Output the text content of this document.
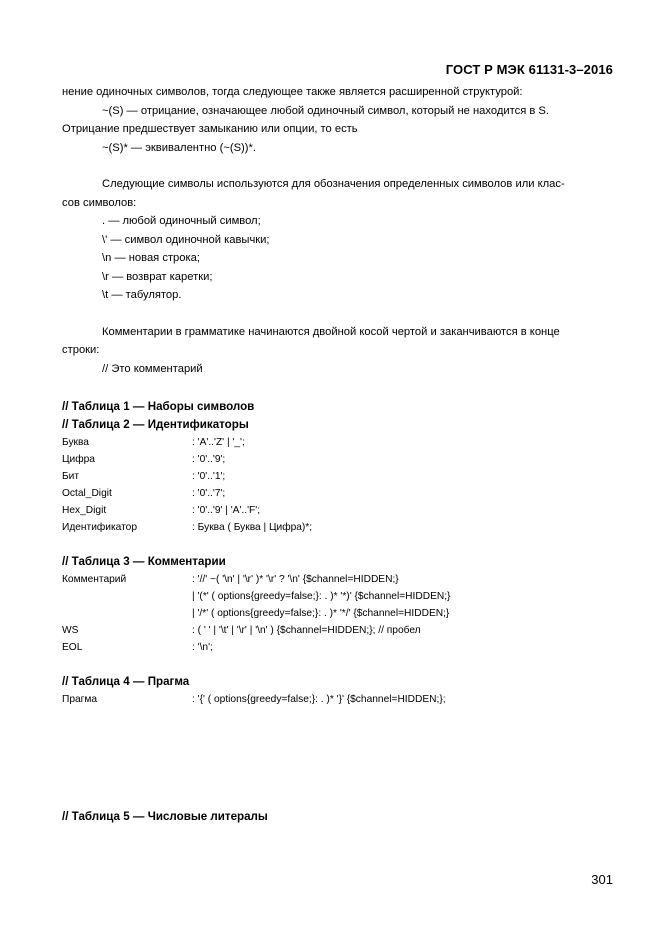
ГОСТ Р МЭК 61131-3–2016

нение одиночных символов, тогда следующее также является расширенной структурой:

~(S) — отрицание, означающее любой одиночный символ, который не находится в S.

Отрицание предшествует замыканию или опции, то есть

~(S)* — эквивалентно (~(S))*.

Следующие символы используются для обозначения определенных символов или клас-

сов символов:

. — любой одиночный символ;

\' — символ одиночной кавычки;

\n — новая строка;

\r — возврат каретки;

\t — табулятор.

Комментарии в грамматике начинаются двойной косой чертой и заканчиваются в конце

строки:

// Это комментарий

// Таблица 1 — Наборы символов
// Таблица 2 — Идентификаторы
Буква	: 'A'..'Z' | '_';
Цифра	: '0'..'9';
Бит	: '0'..'1';
Octal_Digit	: '0'..'7';
Hex_Digit	: '0'..'9' | 'A'..'F';
Идентификатор	: Буква ( Буква | Цифра)*;
// Таблица 3 — Комментарии
Комментарий	: '//' ~( '\n' | '\r' )* '\r' ? '\n' {$channel=HIDDEN;}
| '(*' ( options{greedy=false;}: . )* '*)' {$channel=HIDDEN;}
| '/*' ( options{greedy=false;}: . )* '*/' {$channel=HIDDEN;}
WS	: ( ' ' | '\t' | '\r' | '\n' ) {$channel=HIDDEN;}; // пробел
EOL	: '\n';
// Таблица 4 — Прагма
Прагма	: '{' ( options{greedy=false;}: . )* '}' {$channel=HIDDEN;};
// Таблица 5 — Числовые литералы
301
